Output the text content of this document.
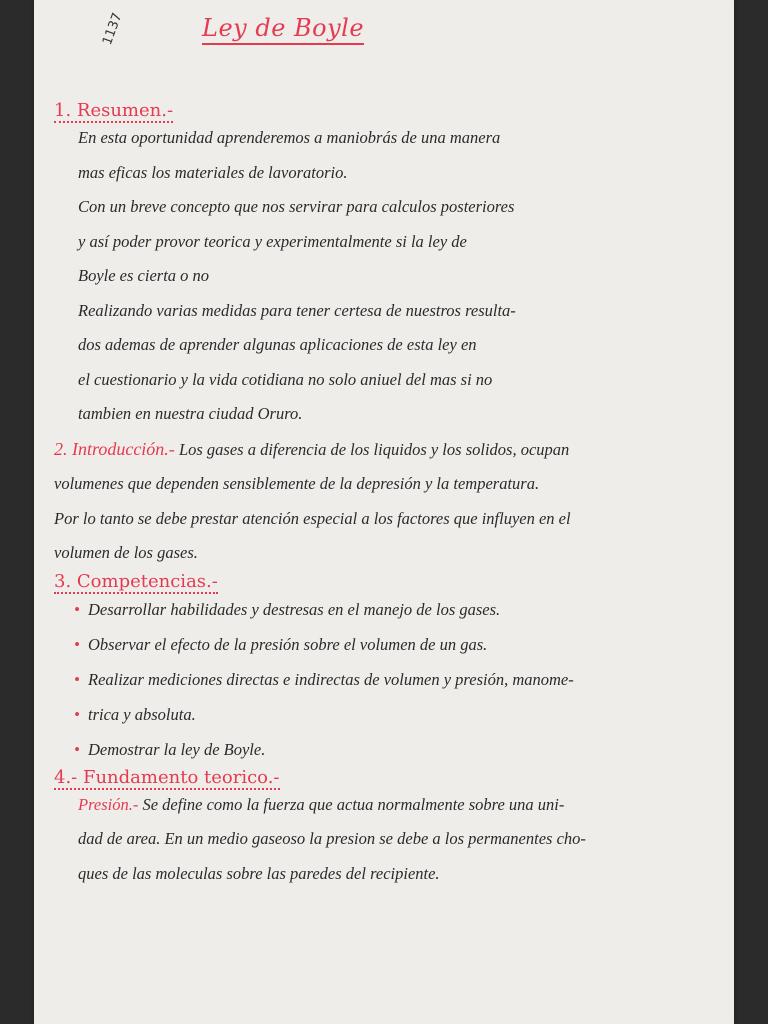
Ley de Boyle
1137
1. Resumen.-

En esta oportunidad aprenderemos a maniobrás de una manera

mas eficas los materiales de lavoratorio.

Con un breve concepto que nos servirar para calculos posteriores

y así poder provor teorica y experimentalmente si la ley de

Boyle es cierta o no

Realizando varias medidas para tener certesa de nuestros resulta-

dos ademas de aprender algunas aplicaciones de esta ley en

el cuestionario y la vida cotidiana no solo aniuel del mas si no

tambien en nuestra ciudad Oruro.

2. Introducción.- Los gases a diferencia de los liquidos y los solidos, ocupan

volumenes que dependen sensiblemente de la depresión y la temperatura.

Por lo tanto se debe prestar atención especial a los factores que influyen en el

volumen de los gases.

3. Competencias.-
• Desarrollar habilidades y destresas en el manejo de los gases.
• Observar el efecto de la presión sobre el volumen de un gas.
• Realizar mediciones directas e indirectas de volumen y presión, manome-
• trica y absoluta.
• Demostrar la ley de Boyle.
4.- Fundamento teorico.-

Presión.- Se define como la fuerza que actua normalmente sobre una uni-

dad de area. En un medio gaseoso la presion se debe a los permanentes cho-

ques de las moleculas sobre las paredes del recipiente.
